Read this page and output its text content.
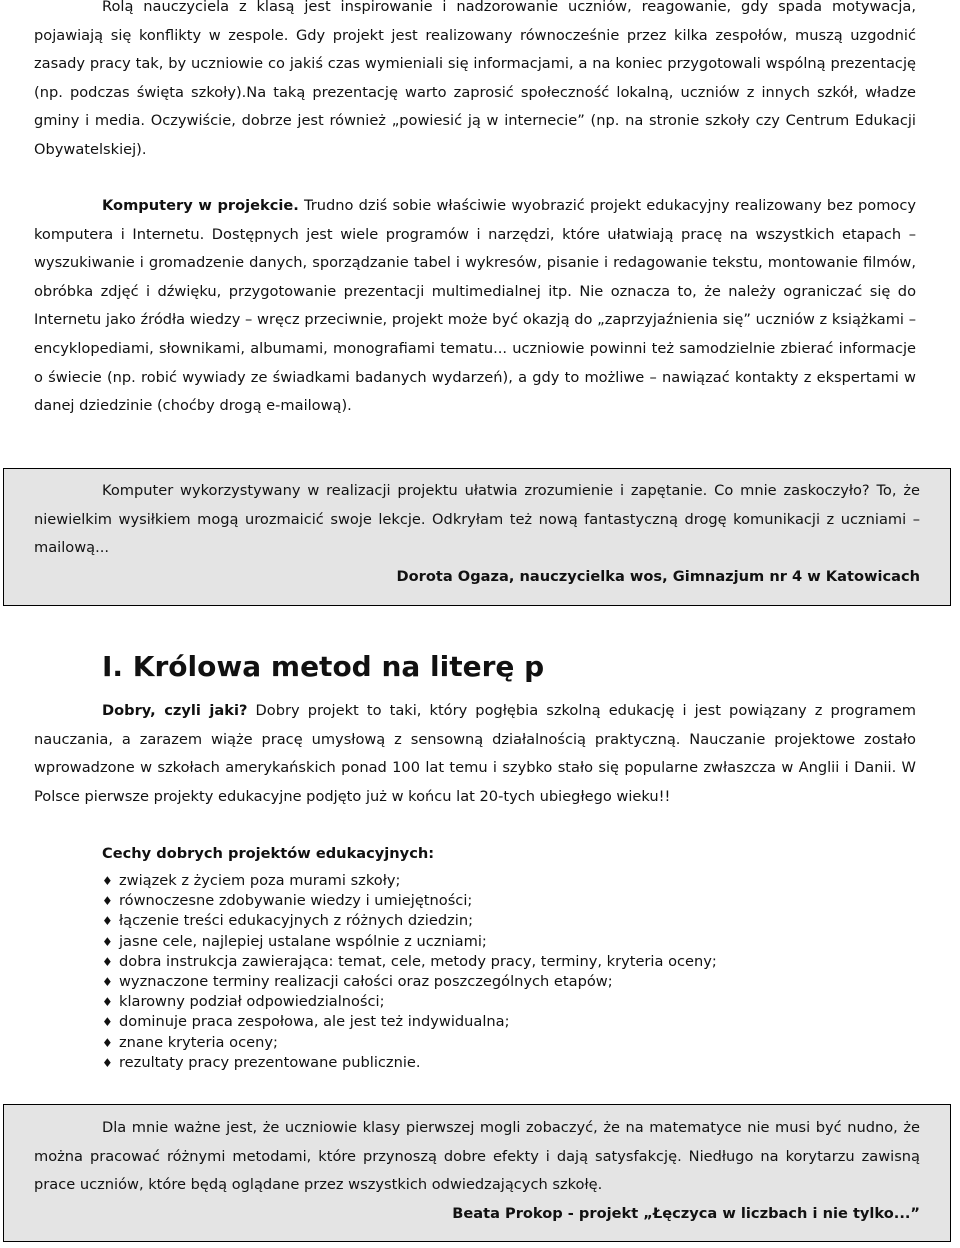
Rolą nauczyciela z klasą jest inspirowanie i nadzorowanie uczniów, reagowanie, gdy spada motywacja, pojawiają się konflikty w zespole. Gdy projekt jest realizowany równocześnie przez kilka zespołów, muszą uzgodnić zasady pracy tak, by uczniowie co jakiś czas wymieniali się informacjami, a na koniec przygotowali wspólną prezentację (np. podczas święta szkoły).Na taką prezentację warto zaprosić społeczność lokalną, uczniów z innych szkół, władze gminy i media. Oczywiście, dobrze jest również „powiesić ją w internecie” (np. na stronie szkoły czy Centrum Edukacji Obywatelskiej).

Komputery w projekcie. Trudno dziś sobie właściwie wyobrazić projekt edukacyjny realizowany bez pomocy komputera i Internetu. Dostępnych jest wiele programów i narzędzi, które ułatwiają pracę na wszystkich etapach – wyszukiwanie i gromadzenie danych, sporządzanie tabel i wykresów, pisanie i redagowanie tekstu, montowanie filmów, obróbka zdjęć i dźwięku, przygotowanie prezentacji multimedialnej itp. Nie oznacza to, że należy ograniczać się do Internetu jako źródła wiedzy – wręcz przeciwnie, projekt może być okazją do „zaprzyjaźnienia się” uczniów z książkami – encyklopediami, słownikami, albumami, monografiami tematu... uczniowie powinni też samodzielnie zbierać informacje o świecie (np. robić wywiady ze świadkami badanych wydarzeń), a gdy to możliwe – nawiązać kontakty z ekspertami w danej dziedzinie (choćby drogą e-mailową).

Komputer wykorzystywany w realizacji projektu ułatwia zrozumienie i zapętanie. Co mnie zaskoczyło? To, że niewielkim wysiłkiem mogą urozmaicić swoje lekcje. Odkryłam też nową fantastyczną drogę komunikacji z uczniami – mailową...
Dorota Ogaza, nauczycielka wos, Gimnazjum nr 4 w Katowicach
I. Królowa metod na literę p

Dobry, czyli jaki? Dobry projekt to taki, który pogłębia szkolną edukację i jest powiązany z programem nauczania, a zarazem wiąże pracę umysłową z sensowną działalnością praktyczną. Nauczanie projektowe zostało wprowadzone w szkołach amerykańskich ponad 100 lat temu i szybko stało się popularne zwłaszcza w Anglii i Danii. W Polsce pierwsze projekty edukacyjne podjęto już w końcu lat 20-tych ubiegłego wieku!!

Cechy dobrych projektów edukacyjnych:

♦ związek z życiem poza murami szkoły;
♦ równoczesne zdobywanie wiedzy i umiejętności;
♦ łączenie treści edukacyjnych z różnych dziedzin;
♦ jasne cele, najlepiej ustalane wspólnie z uczniami;
♦ dobra instrukcja zawierająca: temat, cele, metody pracy, terminy, kryteria oceny;
♦ wyznaczone terminy realizacji całości oraz poszczególnych etapów;
♦ klarowny podział odpowiedzialności;
♦ dominuje praca zespołowa, ale jest też indywidualna;
♦ znane kryteria oceny;
♦ rezultaty pracy prezentowane publicznie.
Dla mnie ważne jest, że uczniowie klasy pierwszej mogli zobaczyć, że na matematyce nie musi być nudno, że można pracować różnymi metodami, które przynoszą dobre efekty i dają satysfakcję. Niedługo na korytarzu zawisną prace uczniów, które będą oglądane przez wszystkich odwiedzających szkołę.
Beata Prokop - projekt „Łęczyca w liczbach i nie tylko...”
